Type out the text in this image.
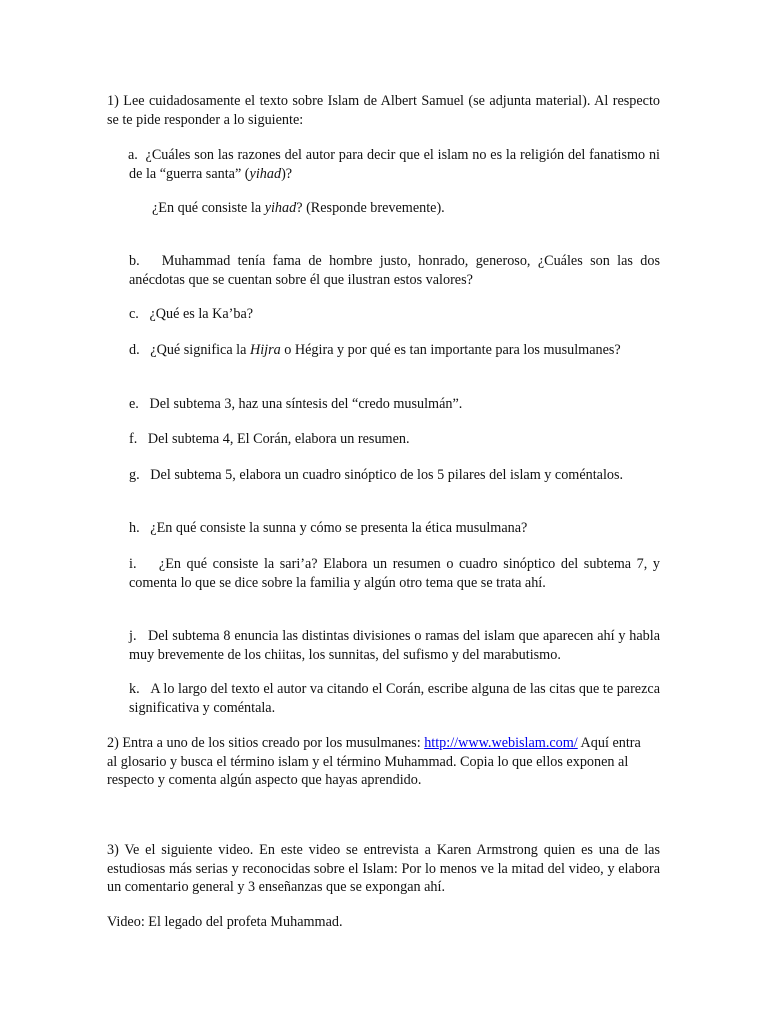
1) Lee cuidadosamente el texto sobre Islam de Albert Samuel (se adjunta material). Al respecto se te pide responder a lo siguiente:
a. ¿Cuáles son las razones del autor para decir que el islam no es la religión del fanatismo ni de la “guerra santa” (yihad)?
¿En qué consiste la yihad? (Responde brevemente).
b. Muhammad tenía fama de hombre justo, honrado, generoso, ¿Cuáles son las dos anécdotas que se cuentan sobre él que ilustran estos valores?
c. ¿Qué es la Ka’ba?
d. ¿Qué significa la Hijra o Hégira y por qué es tan importante para los musulmanes?
e. Del subtema 3, haz una síntesis del “credo musulmán”.
f. Del subtema 4, El Corán, elabora un resumen.
g. Del subtema 5, elabora un cuadro sinóptico de los 5 pilares del islam y coméntalos.
h. ¿En qué consiste la sunna y cómo se presenta la ética musulmana?
i. ¿En qué consiste la sari’a? Elabora un resumen o cuadro sinóptico del subtema 7, y comenta lo que se dice sobre la familia y algún otro tema que se trata ahí.
j. Del subtema 8 enuncia las distintas divisiones o ramas del islam que aparecen ahí y habla muy brevemente de los chiitas, los sunnitas, del sufismo y del marabutismo.
k. A lo largo del texto el autor va citando el Corán, escribe alguna de las citas que te parezca significativa y coméntala.
2) Entra a uno de los sitios creado por los musulmanes: http://www.webislam.com/ Aquí entra al glosario y busca el término islam y el término Muhammad. Copia lo que ellos exponen al respecto y comenta algún aspecto que hayas aprendido.
3) Ve el siguiente video. En este video se entrevista a Karen Armstrong quien es una de las estudiosas más serias y reconocidas sobre el Islam: Por lo menos ve la mitad del video, y elabora un comentario general y 3 enseñanzas que se expongan ahí.
Video: El legado del profeta Muhammad.
